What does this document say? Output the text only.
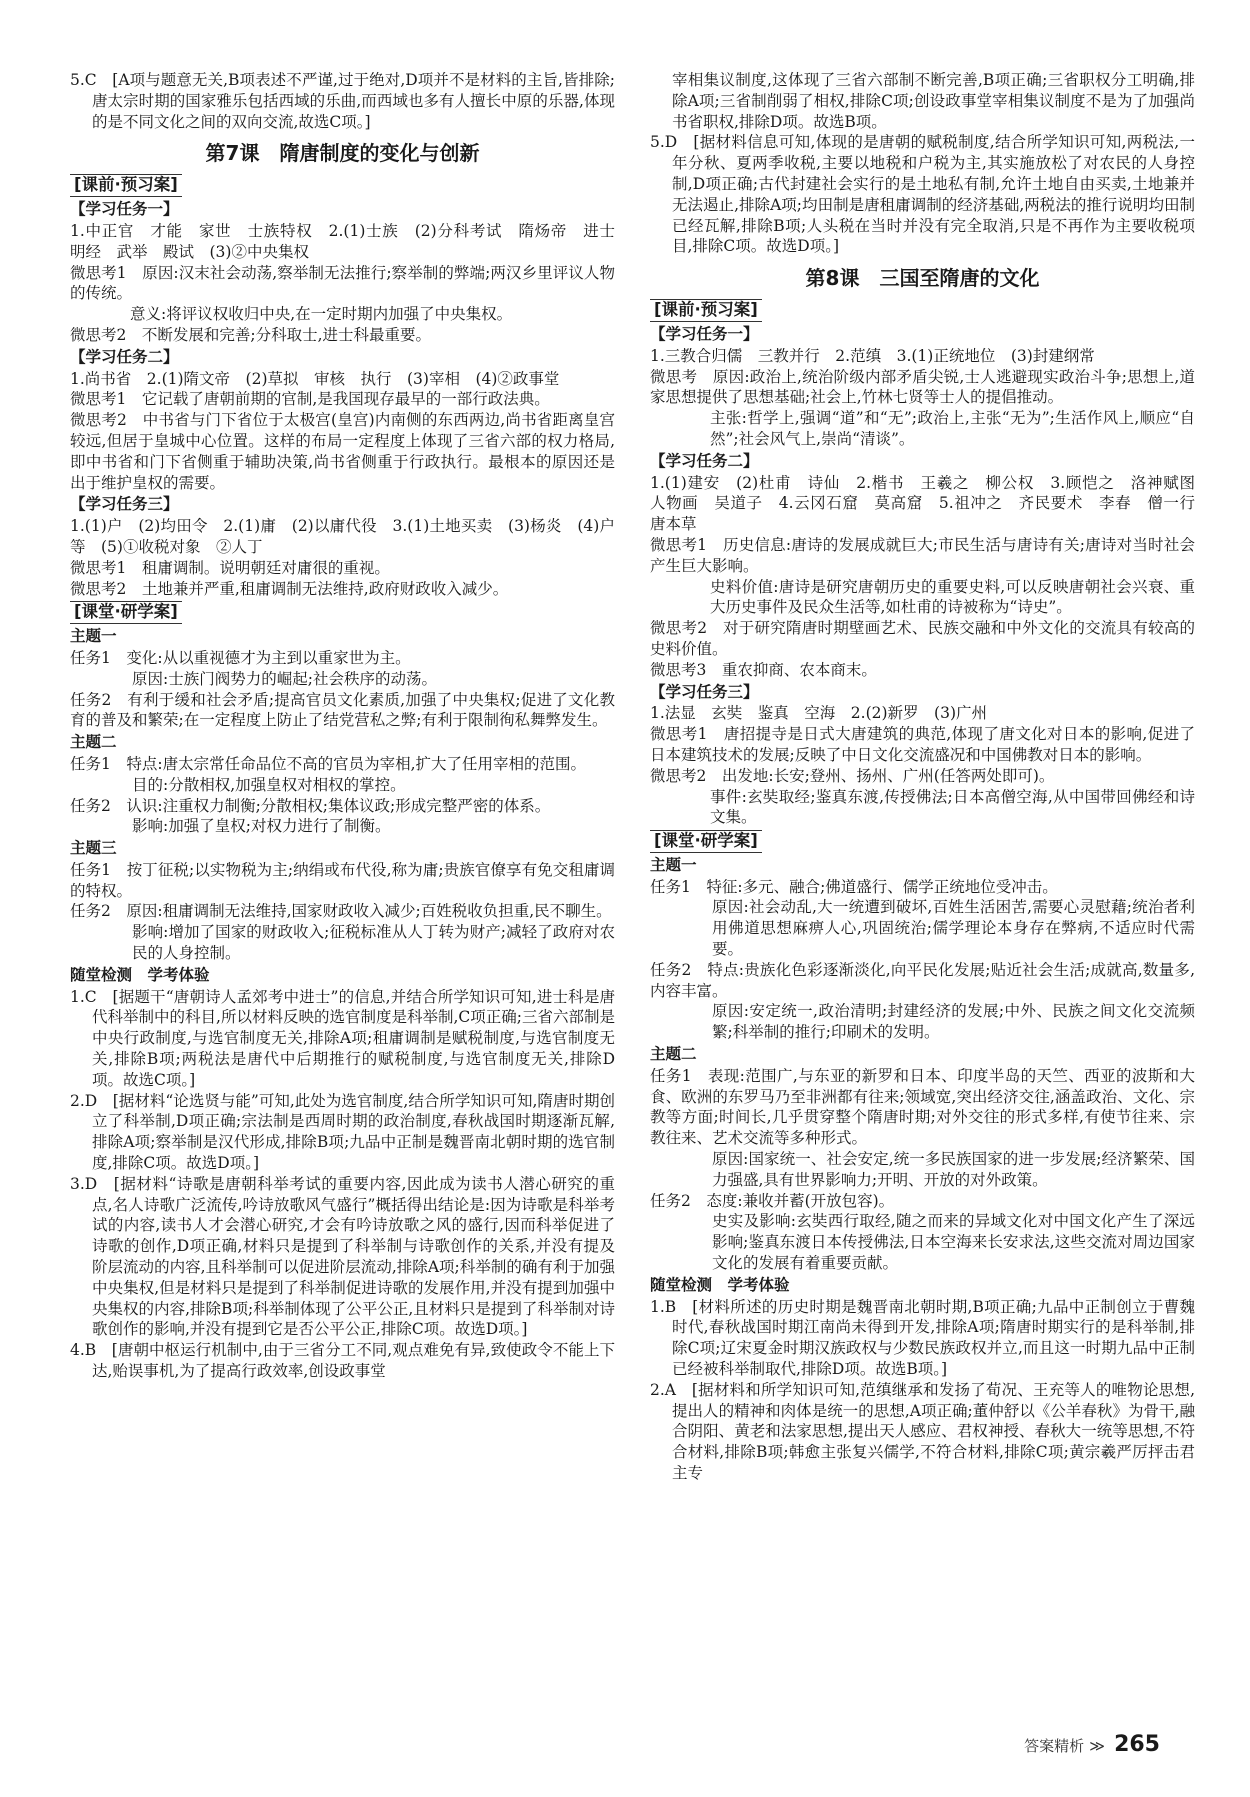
5.C　[A项与题意无关,B项表述不严谨,过于绝对,D项并不是材料的主旨,皆排除;唐太宗时期的国家雅乐包括西域的乐曲,而西域也多有人擅长中原的乐器,体现的是不同文化之间的双向交流,故选C项。]

第7课　隋唐制度的变化与创新
[课前·预习案]
【学习任务一】

1.中正官　才能　家世　士族特权　2.(1)士族　(2)分科考试　隋炀帝　进士　明经　武举　殿试　(3)②中央集权

微思考1　原因:汉末社会动荡,察举制无法推行;察举制的弊端;两汉乡里评议人物的传统。

意义:将评议权收归中央,在一定时期内加强了中央集权。

微思考2　不断发展和完善;分科取士,进士科最重要。

【学习任务二】

1.尚书省　2.(1)隋文帝　(2)草拟　审核　执行　(3)宰相　(4)②政事堂

微思考1　它记载了唐朝前期的官制,是我国现存最早的一部行政法典。

微思考2　中书省与门下省位于太极宫(皇宫)内南侧的东西两边,尚书省距离皇宫较远,但居于皇城中心位置。这样的布局一定程度上体现了三省六部的权力格局,即中书省和门下省侧重于辅助决策,尚书省侧重于行政执行。最根本的原因还是出于维护皇权的需要。

【学习任务三】

1.(1)户　(2)均田令　2.(1)庸　(2)以庸代役　3.(1)土地买卖　(3)杨炎　(4)户等　(5)①收税对象　②人丁

微思考1　租庸调制。说明朝廷对庸很的重视。

微思考2　土地兼并严重,租庸调制无法维持,政府财政收入减少。

[课堂·研学案]
主题一

任务1　变化:从以重视德才为主到以重家世为主。

原因:士族门阀势力的崛起;社会秩序的动荡。

任务2　有利于缓和社会矛盾;提高官员文化素质,加强了中央集权;促进了文化教育的普及和繁荣;在一定程度上防止了结党营私之弊;有利于限制徇私舞弊发生。

主题二

任务1　特点:唐太宗常任命品位不高的官员为宰相,扩大了任用宰相的范围。

目的:分散相权,加强皇权对相权的掌控。

任务2　认识:注重权力制衡;分散相权;集体议政;形成完整严密的体系。

影响:加强了皇权;对权力进行了制衡。

主题三

任务1　按丁征税;以实物税为主;纳绢或布代役,称为庸;贵族官僚享有免交租庸调的特权。

任务2　原因:租庸调制无法维持,国家财政收入减少;百姓税收负担重,民不聊生。

影响:增加了国家的财政收入;征税标准从人丁转为财产;减轻了政府对农民的人身控制。

随堂检测　学考体验

1.C　[据题干“唐朝诗人孟郊考中进士”的信息,并结合所学知识可知,进士科是唐代科举制中的科目,所以材料反映的选官制度是科举制,C项正确;三省六部制是中央行政制度,与选官制度无关,排除A项;租庸调制是赋税制度,与选官制度无关,排除B项;两税法是唐代中后期推行的赋税制度,与选官制度无关,排除D项。故选C项。]

2.D　[据材料“论选贤与能”可知,此处为选官制度,结合所学知识可知,隋唐时期创立了科举制,D项正确;宗法制是西周时期的政治制度,春秋战国时期逐渐瓦解,排除A项;察举制是汉代形成,排除B项;九品中正制是魏晋南北朝时期的选官制度,排除C项。故选D项。]

3.D　[据材料“诗歌是唐朝科举考试的重要内容,因此成为读书人潜心研究的重点,名人诗歌广泛流传,吟诗放歌风气盛行”概括得出结论是:因为诗歌是科举考试的内容,读书人才会潜心研究,才会有吟诗放歌之风的盛行,因而科举促进了诗歌的创作,D项正确,材料只是提到了科举制与诗歌创作的关系,并没有提及阶层流动的内容,且科举制可以促进阶层流动,排除A项;科举制的确有利于加强中央集权,但是材料只是提到了科举制促进诗歌的发展作用,并没有提到加强中央集权的内容,排除B项;科举制体现了公平公正,且材料只是提到了科举制对诗歌创作的影响,并没有提到它是否公平公正,排除C项。故选D项。]

4.B　[唐朝中枢运行机制中,由于三省分工不同,观点难免有异,致使政令不能上下达,贻误事机,为了提高行政效率,创设政事堂

宰相集议制度,这体现了三省六部制不断完善,B项正确;三省职权分工明确,排除A项;三省制削弱了相权,排除C项;创设政事堂宰相集议制度不是为了加强尚书省职权,排除D项。故选B项。

5.D　[据材料信息可知,体现的是唐朝的赋税制度,结合所学知识可知,两税法,一年分秋、夏两季收税,主要以地税和户税为主,其实施放松了对农民的人身控制,D项正确;古代封建社会实行的是土地私有制,允许土地自由买卖,土地兼并无法遏止,排除A项;均田制是唐租庸调制的经济基础,两税法的推行说明均田制已经瓦解,排除B项;人头税在当时并没有完全取消,只是不再作为主要收税项目,排除C项。故选D项。]

第8课　三国至隋唐的文化
[课前·预习案]
【学习任务一】

1.三教合归儒　三教并行　2.范缜　3.(1)正统地位　(3)封建纲常

微思考　原因:政治上,统治阶级内部矛盾尖锐,士人逃避现实政治斗争;思想上,道家思想提供了思想基础;社会上,竹林七贤等士人的提倡推动。

主张:哲学上,强调“道”和“无”;政治上,主张“无为”;生活作风上,顺应“自然”;社会风气上,崇尚“清谈”。

【学习任务二】

1.(1)建安　(2)杜甫　诗仙　2.楷书　王羲之　柳公权　3.顾恺之　洛神赋图　人物画　吴道子　4.云冈石窟　莫高窟　5.祖冲之　齐民要术　李春　僧一行　唐本草

微思考1　历史信息:唐诗的发展成就巨大;市民生活与唐诗有关;唐诗对当时社会产生巨大影响。

史料价值:唐诗是研究唐朝历史的重要史料,可以反映唐朝社会兴衰、重大历史事件及民众生活等,如杜甫的诗被称为“诗史”。

微思考2　对于研究隋唐时期壁画艺术、民族交融和中外文化的交流具有较高的史料价值。

微思考3　重农抑商、农本商末。

【学习任务三】

1.法显　玄奘　鉴真　空海　2.(2)新罗　(3)广州

微思考1　唐招提寺是日式大唐建筑的典范,体现了唐文化对日本的影响,促进了日本建筑技术的发展;反映了中日文化交流盛况和中国佛教对日本的影响。

微思考2　出发地:长安;登州、扬州、广州(任答两处即可)。

事件:玄奘取经;鉴真东渡,传授佛法;日本高僧空海,从中国带回佛经和诗文集。

[课堂·研学案]
主题一

任务1　特征:多元、融合;佛道盛行、儒学正统地位受冲击。

原因:社会动乱,大一统遭到破坏,百姓生活困苦,需要心灵慰藉;统治者利用佛道思想麻痹人心,巩固统治;儒学理论本身存在弊病,不适应时代需要。

任务2　特点:贵族化色彩逐渐淡化,向平民化发展;贴近社会生活;成就高,数量多,内容丰富。

原因:安定统一,政治清明;封建经济的发展;中外、民族之间文化交流频繁;科举制的推行;印刷术的发明。

主题二

任务1　表现:范围广,与东亚的新罗和日本、印度半岛的天竺、西亚的波斯和大食、欧洲的东罗马乃至非洲都有往来;领域宽,突出经济交往,涵盖政治、文化、宗教等方面;时间长,几乎贯穿整个隋唐时期;对外交往的形式多样,有使节往来、宗教往来、艺术交流等多种形式。

原因:国家统一、社会安定,统一多民族国家的进一步发展;经济繁荣、国力强盛,具有世界影响力;开明、开放的对外政策。

任务2　态度:兼收并蓄(开放包容)。

史实及影响:玄奘西行取经,随之而来的异域文化对中国文化产生了深远影响;鉴真东渡日本传授佛法,日本空海来长安求法,这些交流对周边国家文化的发展有着重要贡献。

随堂检测　学考体验

1.B　[材料所述的历史时期是魏晋南北朝时期,B项正确;九品中正制创立于曹魏时代,春秋战国时期江南尚未得到开发,排除A项;隋唐时期实行的是科举制,排除C项;辽宋夏金时期汉族政权与少数民族政权并立,而且这一时期九品中正制已经被科举制取代,排除D项。故选B项。]

2.A　[据材料和所学知识可知,范缜继承和发扬了荀况、王充等人的唯物论思想,提出人的精神和肉体是统一的思想,A项正确;董仲舒以《公羊春秋》为骨干,融合阴阳、黄老和法家思想,提出天人感应、君权神授、春秋大一统等思想,不符合材料,排除B项;韩愈主张复兴儒学,不符合材料,排除C项;黄宗羲严厉抨击君主专

答案精析 ≫ 265
